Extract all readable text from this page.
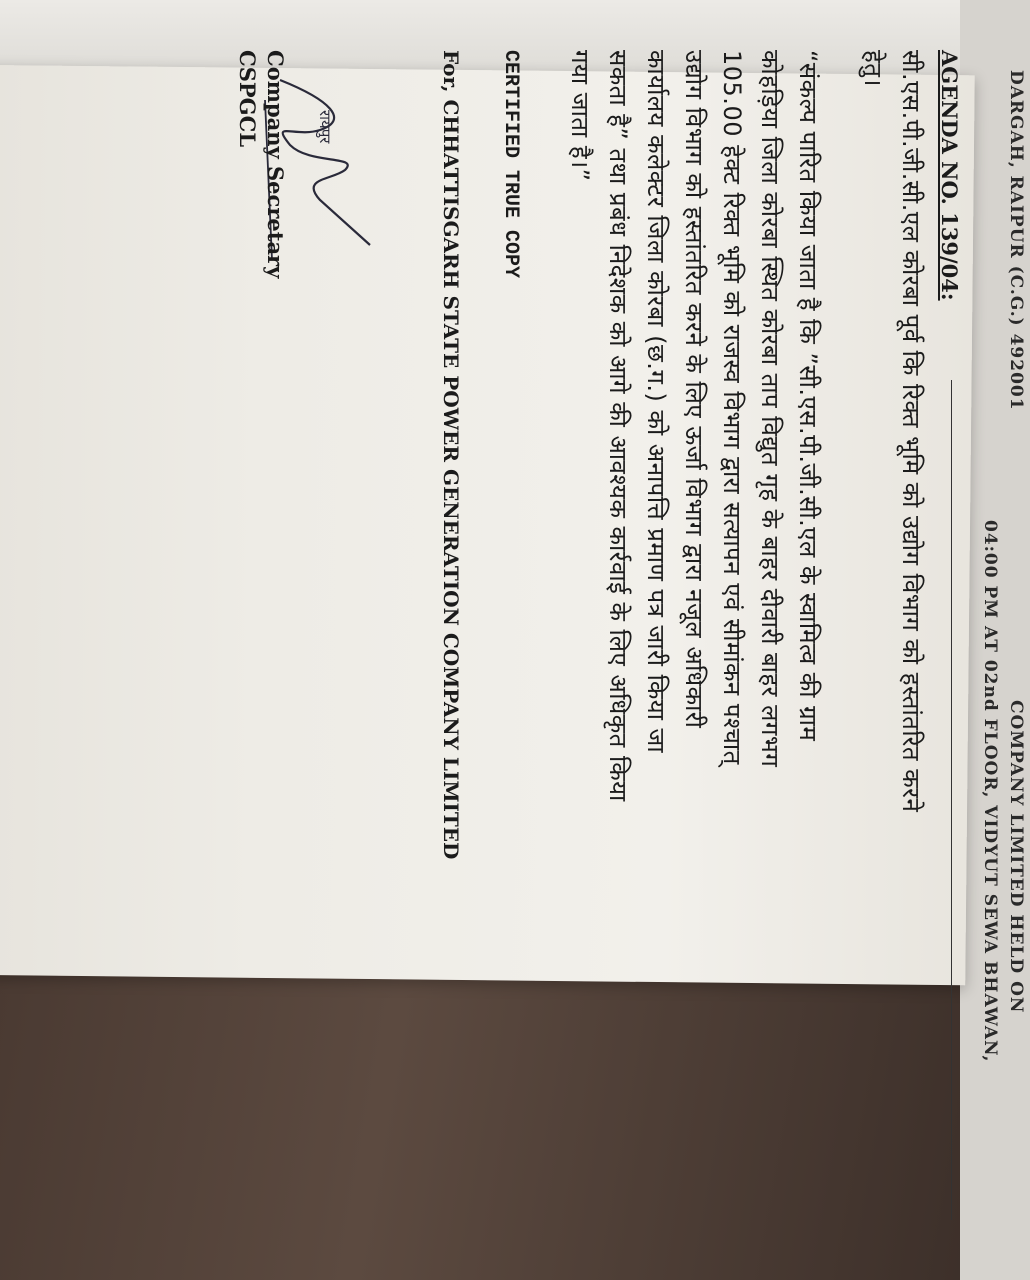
DARGAH, RAIPUR (C.G.) 492001
COMPANY LIMITED HELD ON
04:00 PM AT 02nd FLOOR, VIDYUT SEWA BHAWAN,
AGENDA NO. 139/04:
सी.एस.पी.जी.सी.एल कोरबा पूर्व कि रिक्त भूमि को उद्योग विभाग को हस्तांतरित करने
हेतु।
“संकल्प पारित किया जाता है कि ”सी.एस.पी.जी.सी.एल के स्वामित्व की ग्राम
कोहड़िया जिला कोरबा स्थित कोरबा ताप विद्युत गृह के बाहर दीवारी बाहर लगभग
105.00 हेक्ट रिक्त भूमि को राजस्व विभाग द्वारा सत्यापन एवं सीमांकन पश्चात्
उद्योग विभाग को हस्तांतरित करने के लिए ऊर्जा विभाग द्वारा नजूल अधिकारी
कार्यालय कलेक्टर जिला कोरबा (छ.ग.) को अनापत्ति प्रमाण पत्र जारी किया जा
सकता है” तथा प्रबंध निदेशक को आगे की आवश्यक कार्रवाई के लिए अधिकृत किया
गया जाता है।”
CERTIFIED TRUE COPY
For, CHHATTISGARH STATE POWER GENERATION COMPANY LIMITED
रायपुर
Company Secretary
CSPGCL
